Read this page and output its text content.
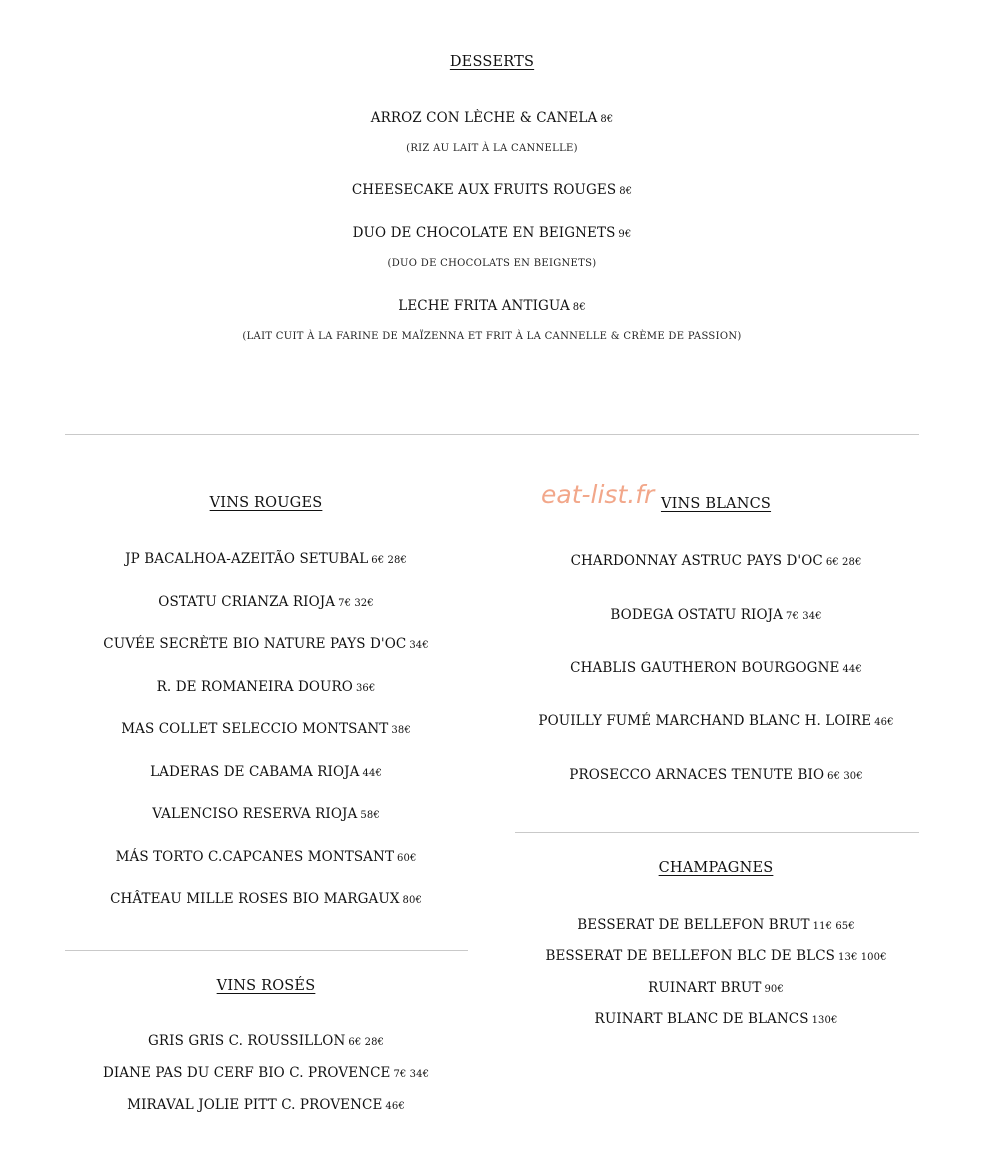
DESSERTS
ARROZ CON LÈCHE & CANELA 8€
(RIZ AU LAIT À LA CANNELLE)
CHEESECAKE AUX FRUITS ROUGES 8€
DUO DE CHOCOLATE EN BEIGNETS 9€
(DUO DE CHOCOLATS EN BEIGNETS)
LECHE FRITA ANTIGUA 8€
(LAIT CUIT À LA FARINE DE MAÏZENNA ET FRIT À LA CANNELLE & CRÈME DE PASSION)
eat-list.fr
VINS ROUGES
JP BACALHOA-AZEITÃO SETUBAL 6€ 28€
OSTATU CRIANZA RIOJA 7€ 32€
CUVÉE SECRÈTE BIO NATURE PAYS D'OC 34€
R. DE ROMANEIRA DOURO 36€
MAS COLLET SELECCIO MONTSANT 38€
LADERAS DE CABAMA RIOJA 44€
VALENCISO RESERVA RIOJA 58€
MÁS TORTO C.CAPCANES MONTSANT 60€
CHÂTEAU MILLE ROSES BIO MARGAUX 80€
VINS ROSÉS
GRIS GRIS C. ROUSSILLON 6€ 28€
DIANE PAS DU CERF BIO C. PROVENCE 7€ 34€
MIRAVAL JOLIE PITT C. PROVENCE 46€
VINS BLANCS
CHARDONNAY ASTRUC PAYS D'OC 6€ 28€
BODEGA OSTATU RIOJA 7€ 34€
CHABLIS GAUTHERON BOURGOGNE 44€
POUILLY FUMÉ MARCHAND BLANC H. LOIRE 46€
PROSECCO ARNACES TENUTE BIO 6€ 30€
CHAMPAGNES
BESSERAT DE BELLEFON BRUT 11€ 65€
BESSERAT DE BELLEFON BLC DE BLCS 13€ 100€
RUINART BRUT 90€
RUINART BLANC DE BLANCS 130€
